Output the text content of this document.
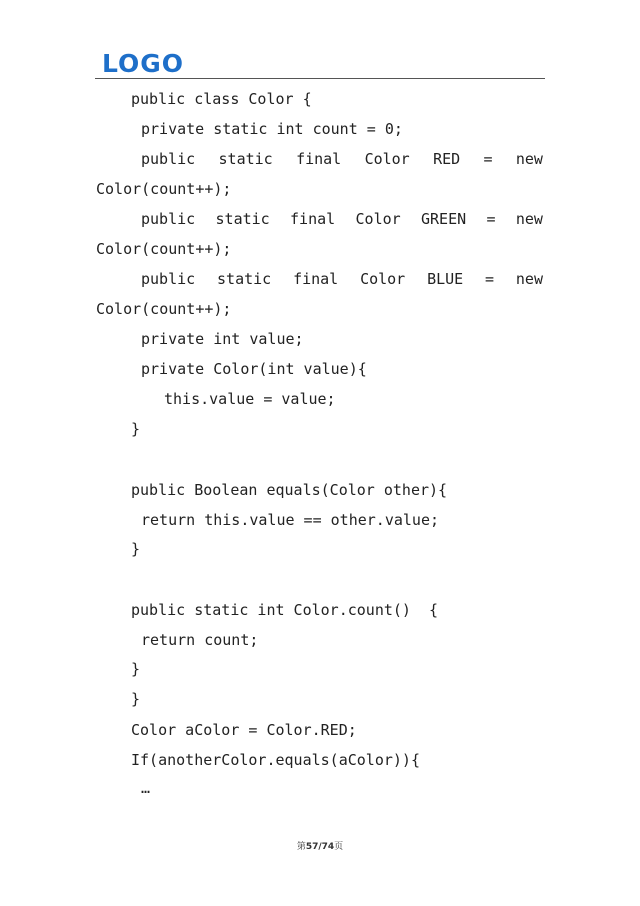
LOGO
public class Color {
private static int count = 0;
public static final Color RED = new
Color(count++);
public static final Color GREEN = new
Color(count++);
public static final Color BLUE = new
Color(count++);
private int value;
private Color(int value){
this.value = value;
}
public Boolean equals(Color other){
return this.value == other.value;
}
public static int Color.count()  {
return count;
}
}
Color aColor = Color.RED;
If(anotherColor.equals(aColor)){
…
第57/74页
